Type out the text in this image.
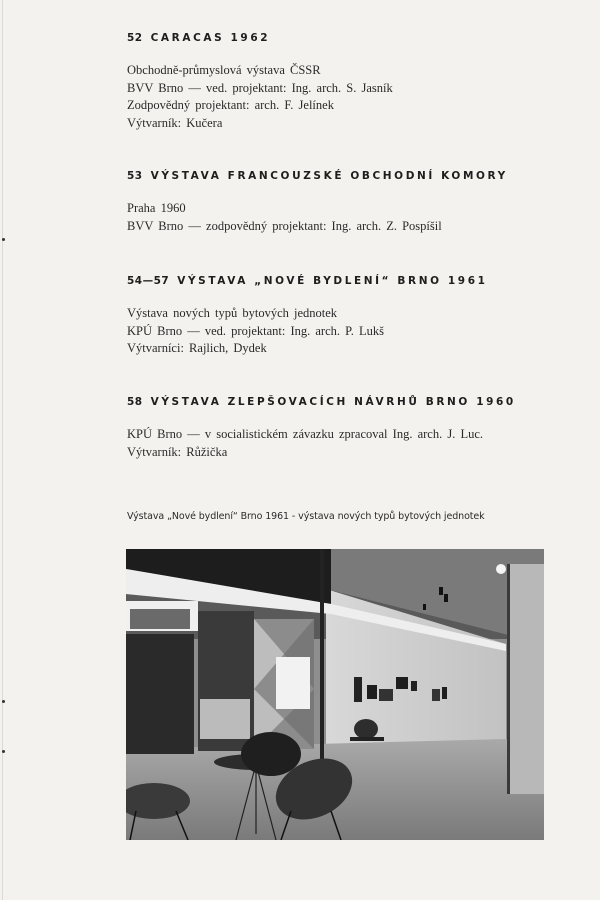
52 CARACAS 1962
Obchodně-průmyslová výstava ČSSR
BVV Brno — ved. projektant: Ing. arch. S. Jasník
Zodpovědný projektant: arch. F. Jelínek
Výtvarník: Kučera
53 VÝSTAVA FRANCOUZSKÉ OBCHODNÍ KOMORY
Praha 1960
BVV Brno — zodpovědný projektant: Ing. arch. Z. Pospíšil
54—57 VÝSTAVA „NOVÉ BYDLENÍ“ BRNO 1961
Výstava nových typů bytových jednotek
KPÚ Brno — ved. projektant: Ing. arch. P. Lukš
Výtvarníci: Rajlich, Dydek
58 VÝSTAVA ZLEPŠOVACÍCH NÁVRHŮ BRNO 1960
KPÚ Brno — v socialistickém závazku zpracoval Ing. arch. J. Luc.
Výtvarník: Růžička
Výstava „Nové bydlení“ Brno 1961 - výstava nových typů bytových jednotek
